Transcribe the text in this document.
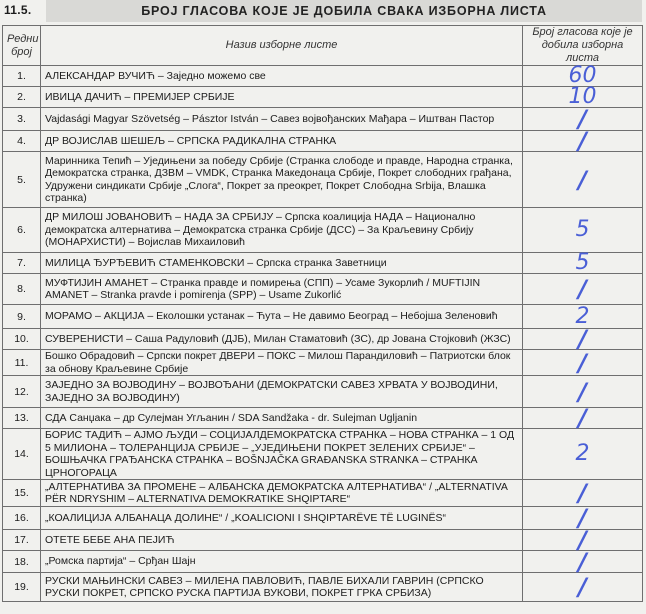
11.5.	БРОЈ ГЛАСОВА КОЈЕ ЈЕ ДОБИЛА СВАКА ИЗБОРНА ЛИСТА
Редни број	Назив изборне листе	Број гласова које је добила изборна листа
1.	АЛЕКСАНДАР ВУЧИЋ – Заједно можемо све	60
2.	ИВИЦА ДАЧИЋ – ПРЕМИЈЕР СРБИЈЕ	10
3.	Vajdasági Magyar Szövetség – Pásztor István – Савез војвођанских Мађара – Иштван Пастор	/
4.	ДР ВОЈИСЛАВ ШЕШЕЉ – СРПСКА РАДИКАЛНА СТРАНКА	/
5.	Маринника Тепић – Уједињени за победу Србије (Странка слободе и правде, Народна странка, Демократска странка, ДЗВМ – VMDK, Странка Македонаца Србије, Покрет слободних грађана, Удружени синдикати Србије „Слога“, Покрет за преокрет, Покрет Слободна Srbija, Влашка странка)	/
6.	ДР МИЛОШ ЈОВАНОВИЋ – НАДА ЗА СРБИЈУ – Српска коалиција НАДА – Национално демократска алтернатива – Демократска странка Србије (ДСС) – За Краљевину Србију (МОНАРХИСТИ) – Војислав Михаиловић	5
7.	МИЛИЦА ЂУРЂЕВИЋ СТАМЕНКОВСКИ – Српска странка Заветници	5
8.	МУФТИЈИН АМАНЕТ – Странка правде и помирења (СПП) – Усаме Зукорлић / MUFTIJIN AMANET – Stranka pravde i pomirenja (SPP) – Usame Zukorlić	/
9.	МОРАМО – АКЦИЈА – Еколошки устанак – Ћута – Не давимо Београд – Небојша Зеленовић	2
10.	СУВЕРЕНИСТИ – Саша Радуловић (ДЈБ), Милан Стаматовић (ЗС), др Јована Стојковић (ЖЗС)	/
11.	Бошко Обрадовић – Српски покрет ДВЕРИ – ПОКС – Милош Парандиловић – Патриотски блок за обнову Краљевине Србије	/
12.	ЗАЈЕДНО ЗА ВОЈВОДИНУ – ВОЈВОЂАНИ (ДЕМОКРАТСКИ САВЕЗ ХРВАТА У ВОЈВОДИНИ, ЗАЈЕДНО ЗА ВОЈВОДИНУ)	/
13.	СДА Санџака – др Сулејман Угљанин / SDA Sandžaka - dr. Sulejman Ugljanin	/
14.	БОРИС ТАДИЋ – АЈМО ЉУДИ – СОЦИЈАЛДЕМОКРАТСКА СТРАНКА – НОВА СТРАНКА – 1 ОД 5 МИЛИОНА – ТОЛЕРАНЦИЈА СРБИЈЕ – „УЈЕДИЊЕНИ ПОКРЕТ ЗЕЛЕНИХ СРБИЈЕ“ – БОШЊАЧКА ГРАЂАНСКА СТРАНКА – BOŠNJAČKA GRAĐANSKA STRANKA – СТРАНКА ЦРНОГОРАЦА	2
15.	„АЛТЕРНАТИВА ЗА ПРОМЕНЕ – АЛБАНСКА ДЕМОКРАТСКА АЛТЕРНАТИВА“ / „ALTERNATIVA PËR NDRYSHIM – ALTERNATIVA DEMOKRATIKE SHQIPTARE“	/
16.	„КОАЛИЦИЈА АЛБАНАЦА ДОЛИНЕ“ / „KOALICIONI I SHQIPTARËVE TË LUGINËS“	/
17.	ОТЕТЕ БЕБЕ АНА ПЕЈИЋ	/
18.	„Ромска партија“ – Срђан Шајн	/
19.	РУСКИ МАЊИНСКИ САВЕЗ – МИЛЕНА ПАВЛОВИЋ, ПАВЛЕ БИХАЛИ ГАВРИН (СРПСКО РУСКИ ПОКРЕТ, СРПСКО РУСКА ПАРТИЈА ВУКОВИ, ПОКРЕТ ГРКА СРБИЗА)	/
